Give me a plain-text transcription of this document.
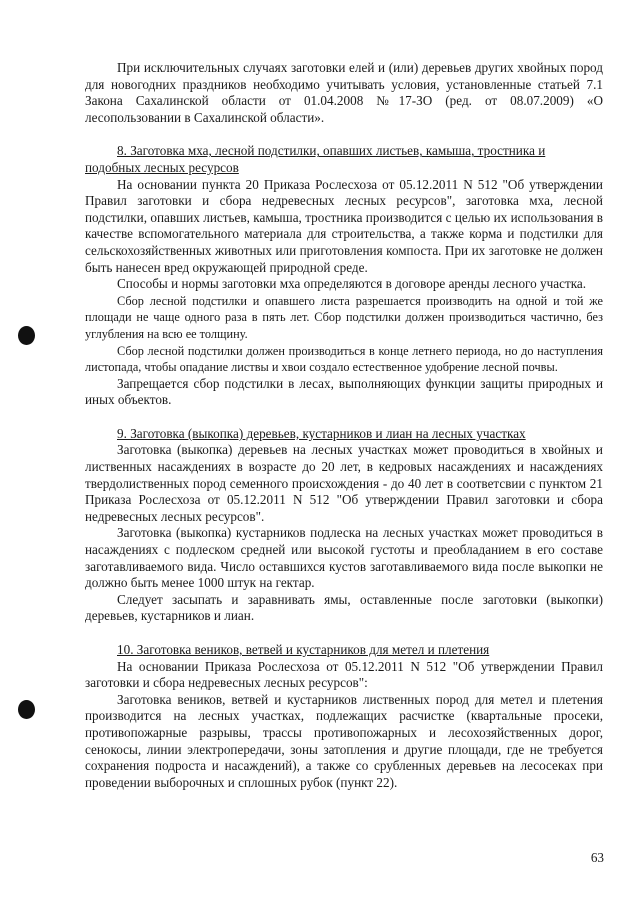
При исключительных случаях заготовки елей и (или) деревьев других хвойных пород для новогодних праздников необходимо учитывать условия, установленные статьей 7.1 Закона Сахалинской области от 01.04.2008 №17-ЗО (ред. от 08.07.2009) «О лесопользовании в Сахалинской области».

8. Заготовка мха, лесной подстилки, опавших листьев, камыша, тростника и подобных лесных ресурсов

На основании пункта 20 Приказа Рослесхоза от 05.12.2011 N 512 "Об утверждении Правил заготовки и сбора недревесных лесных ресурсов", заготовка мха, лесной подстилки, опавших листьев, камыша, тростника производится с целью их использования в качестве вспомогательного материала для строительства, а также корма и подстилки для сельскохозяйственных животных или приготовления компоста. При их заготовке не должен быть нанесен вред окружающей природной среде.

Способы и нормы заготовки мха определяются в договоре аренды лесного участка.

Сбор лесной подстилки и опавшего листа разрешается производить на одной и той же площади не чаще одного раза в пять лет. Сбор подстилки должен производиться частично, без углубления на всю ее толщину.

Сбор лесной подстилки должен производиться в конце летнего периода, но до наступления листопада, чтобы опадание листвы и хвои создало естественное удобрение лесной почвы.

Запрещается сбор подстилки в лесах, выполняющих функции защиты природных и иных объектов.

9. Заготовка (выкопка) деревьев, кустарников и лиан на лесных участках

Заготовка (выкопка) деревьев на лесных участках может проводиться в хвойных и лиственных насаждениях в возрасте до 20 лет, в кедровых насаждениях и насаждениях твердолиственных пород семенного происхождения - до 40 лет в соответсвии с пунктом 21 Приказа Рослесхоза от 05.12.2011 N 512 "Об утверждении Правил заготовки и сбора недревесных лесных ресурсов".

Заготовка (выкопка) кустарников подлеска на лесных участках может проводиться в насаждениях с подлеском средней или высокой густоты и преобладанием в его составе заготавливаемого вида. Число оставшихся кустов заготавливаемого вида после выкопки не должно быть менее 1000 штук на гектар.

Следует засыпать и заравнивать ямы, оставленные после заготовки (выкопки) деревьев, кустарников и лиан.

10. Заготовка веников, ветвей и кустарников для метел и плетения

На основании Приказа Рослесхоза от 05.12.2011 N 512 "Об утверждении Правил заготовки и сбора недревесных лесных ресурсов":

Заготовка веников, ветвей и кустарников лиственных пород для метел и плетения производится на лесных участках, подлежащих расчистке (квартальные просеки, противопожарные разрывы, трассы противопожарных и лесохозяйственных дорог, сенокосы, линии электропередачи, зоны затопления и другие площади, где не требуется сохранения подроста и насаждений), а также со срубленных деревьев на лесосеках при проведении выборочных и сплошных рубок (пункт 22).

63
